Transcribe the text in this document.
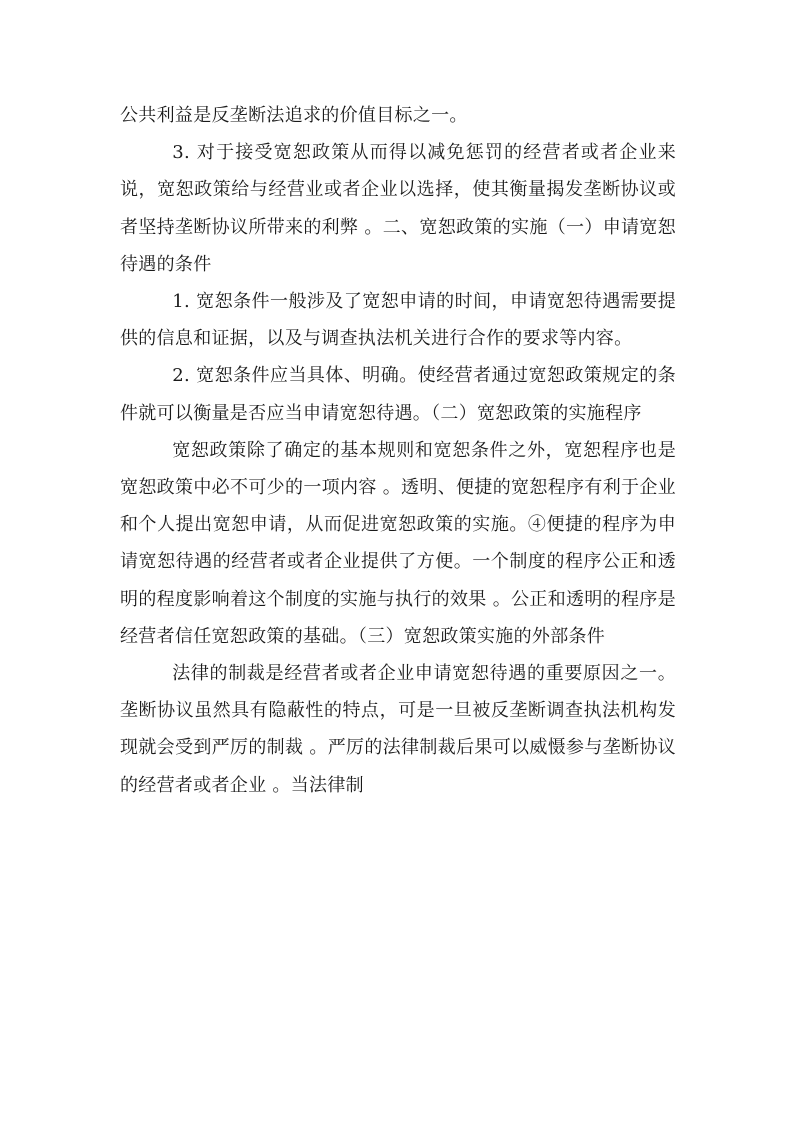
公共利益是反垄断法追求的价值目标之一。

3. 对于接受宽恕政策从而得以减免惩罚的经营者或者企业来说，宽恕政策给与经营业或者企业以选择，使其衡量揭发垄断协议或者坚持垄断协议所带来的利弊 。二、宽恕政策的实施（一）申请宽恕待遇的条件

1. 宽恕条件一般涉及了宽恕申请的时间，申请宽恕待遇需要提供的信息和证据，以及与调查执法机关进行合作的要求等内容。

2. 宽恕条件应当具体、明确。使经营者通过宽恕政策规定的条件就可以衡量是否应当申请宽恕待遇。（二）宽恕政策的实施程序

宽恕政策除了确定的基本规则和宽恕条件之外，宽恕程序也是宽恕政策中必不可少的一项内容 。透明、便捷的宽恕程序有利于企业和个人提出宽恕申请，从而促进宽恕政策的实施。④便捷的程序为申请宽恕待遇的经营者或者企业提供了方便。一个制度的程序公正和透明的程度影响着这个制度的实施与执行的效果 。公正和透明的程序是经营者信任宽恕政策的基础。（三）宽恕政策实施的外部条件

法律的制裁是经营者或者企业申请宽恕待遇的重要原因之一。垄断协议虽然具有隐蔽性的特点，可是一旦被反垄断调查执法机构发现就会受到严厉的制裁 。严厉的法律制裁后果可以威慑参与垄断协议的经营者或者企业 。当法律制
